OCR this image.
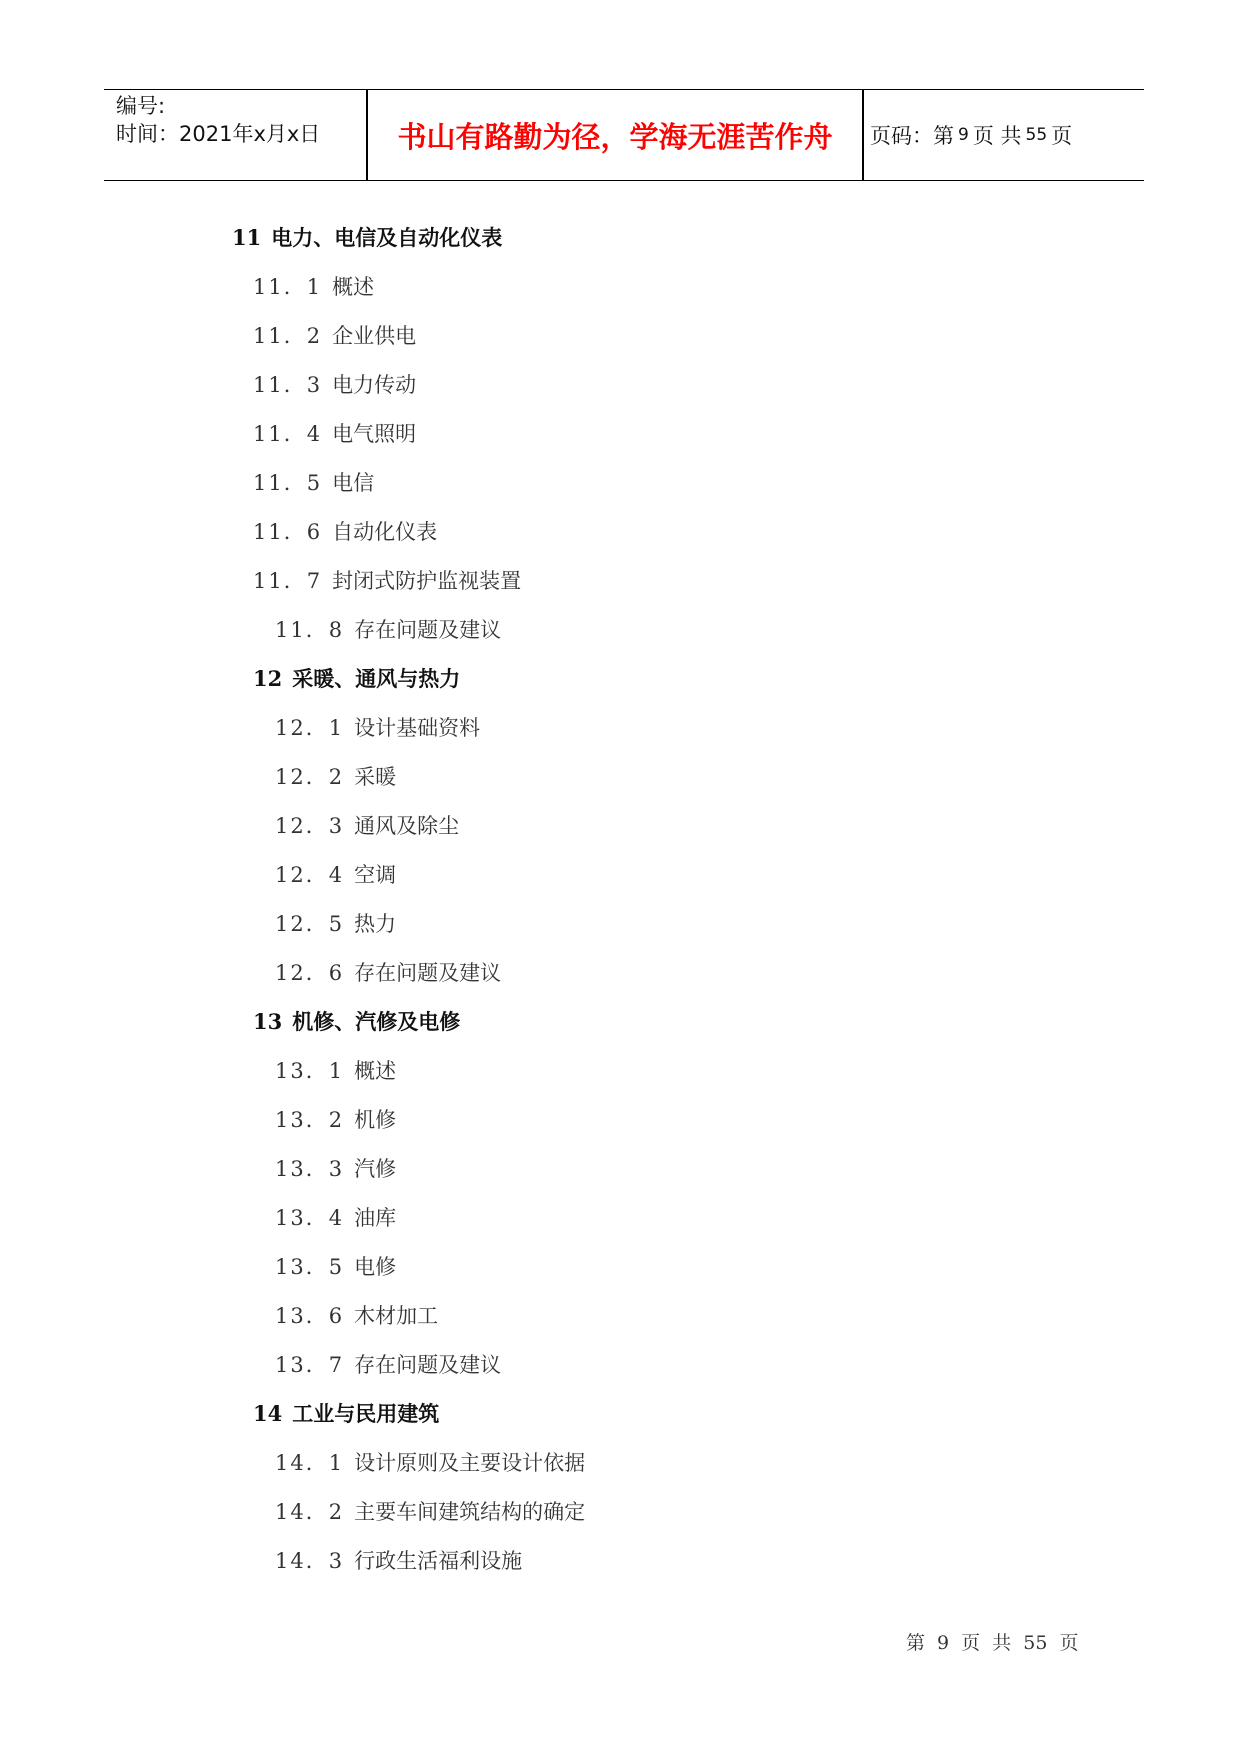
编号:
时间：2021年x月x日	书山有路勤为径，学海无涯苦作舟	页码：第 9 页 共 55 页
11 电力、电信及自动化仪表
11．1 概述
11．2 企业供电
11．3 电力传动
11．4 电气照明
11．5 电信
11．6 自动化仪表
11．7 封闭式防护监视装置
11．8 存在问题及建议
12 采暖、通风与热力
12．1 设计基础资料
12．2 采暖
12．3 通风及除尘
12．4 空调
12．5 热力
12．6 存在问题及建议
13 机修、汽修及电修
13．1 概述
13．2 机修
13．3 汽修
13．4 油库
13．5 电修
13．6 木材加工
13．7 存在问题及建议
14 工业与民用建筑
14．1 设计原则及主要设计依据
14．2 主要车间建筑结构的确定
14．3 行政生活福利设施
第 9 页 共 55 页
